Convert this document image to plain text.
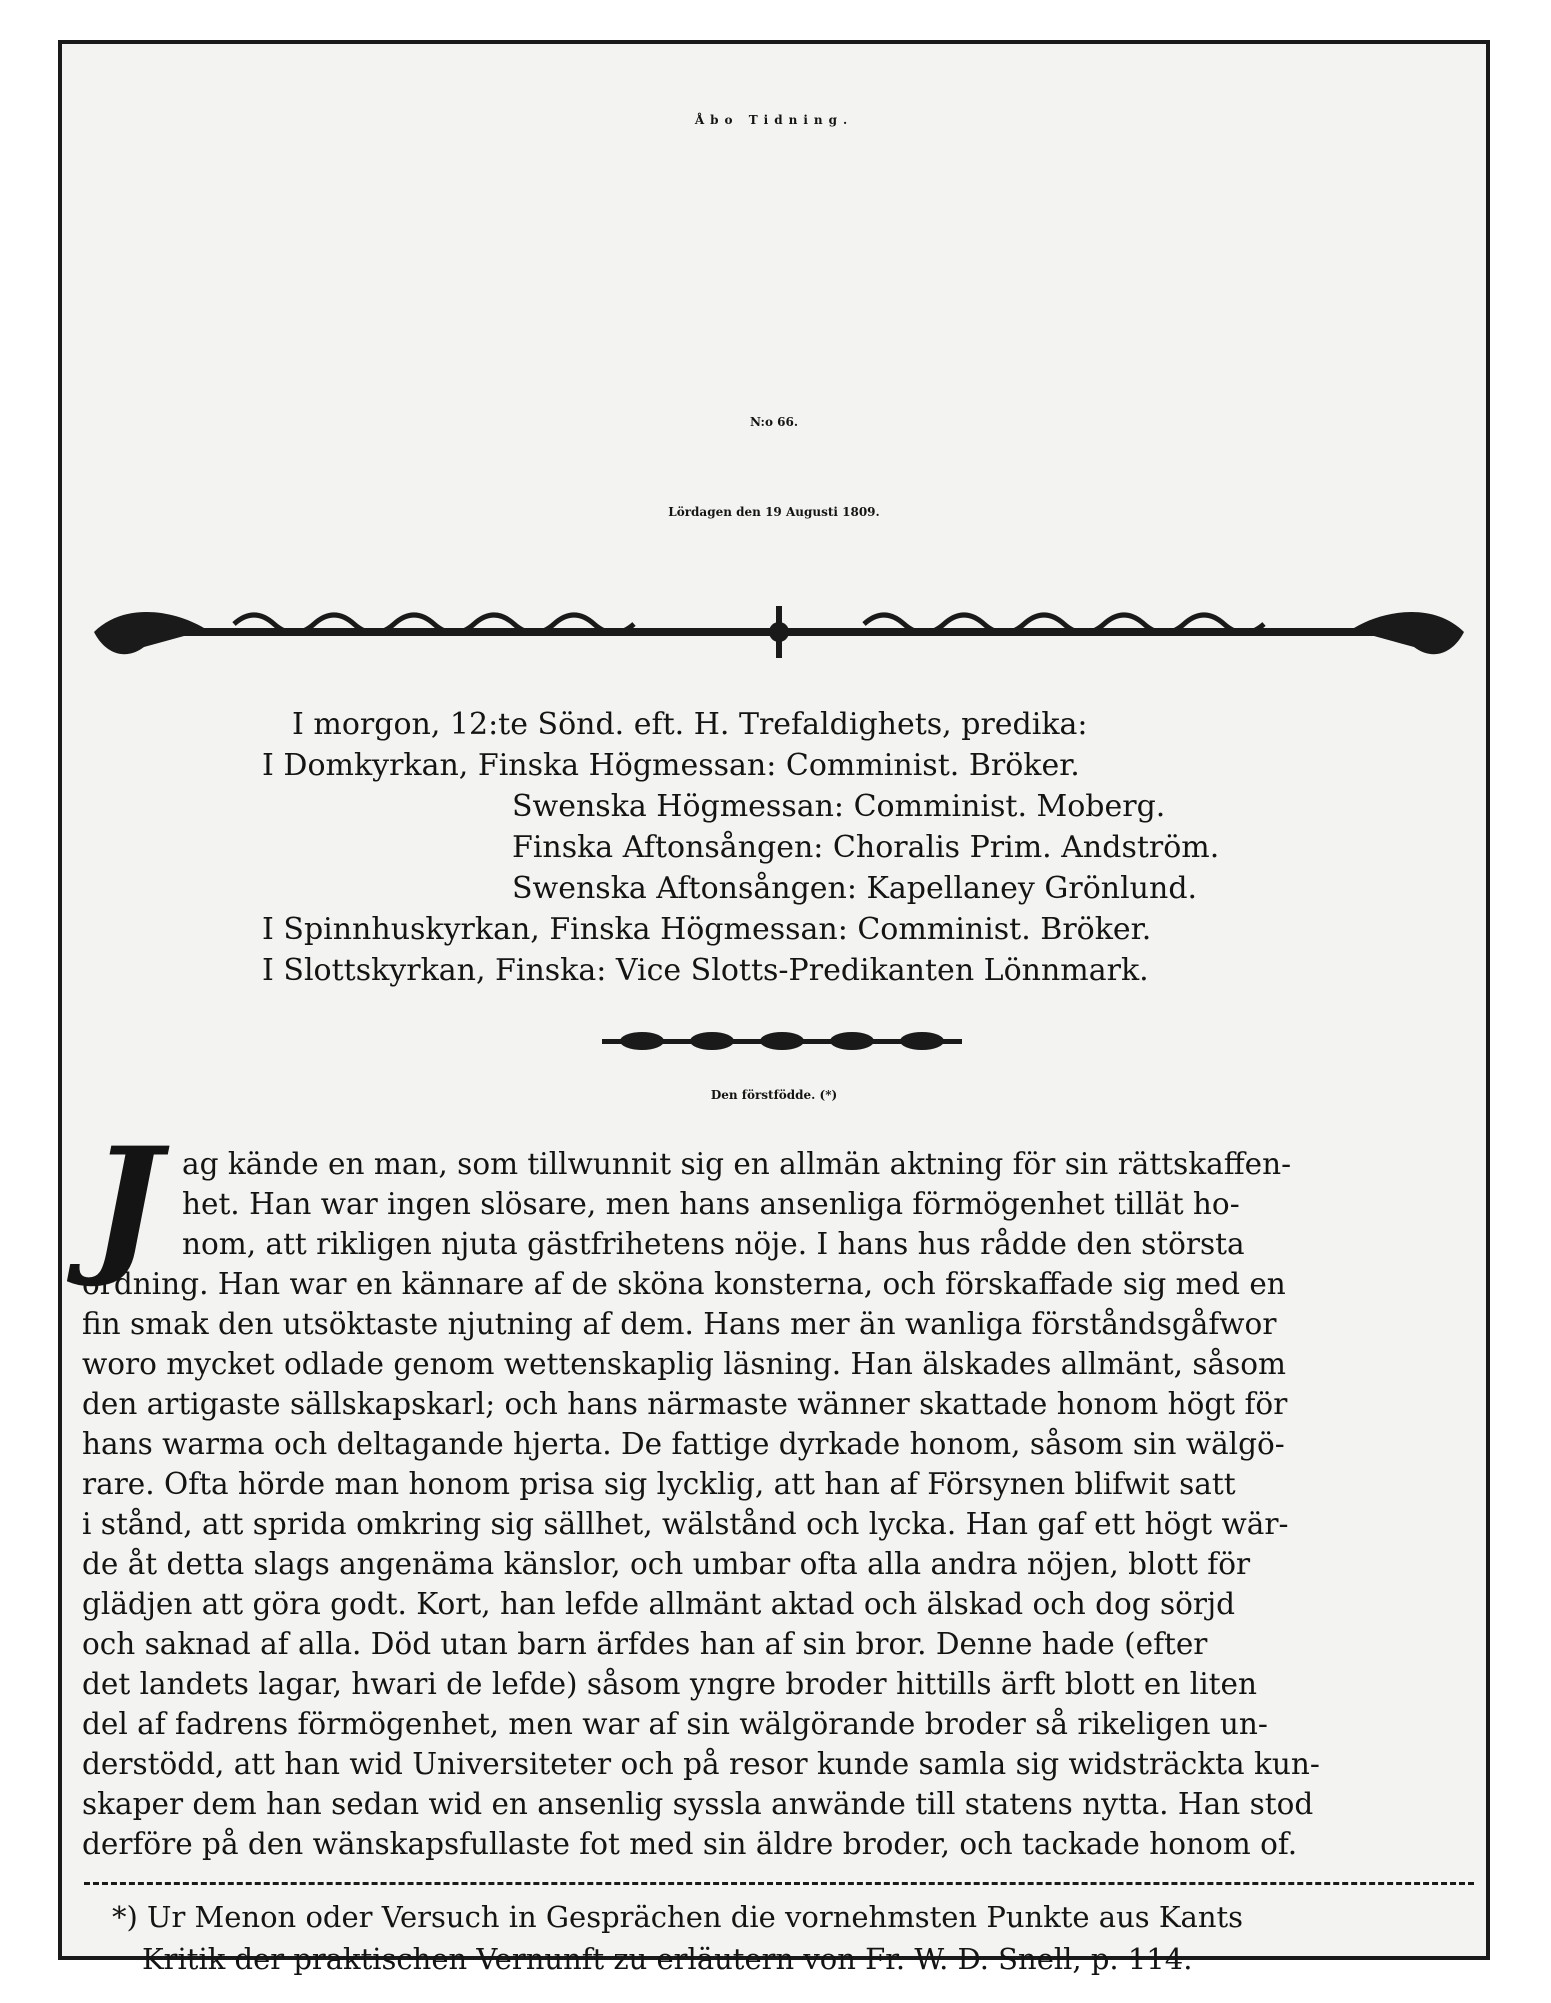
Åbo Tidning.
N:o 66.
Lördagen den 19 Augusti 1809.
I morgon, 12:te Sönd. eft. H. Trefaldighets, predika:
I Domkyrkan, Finska Högmessan: Comminist. Bröker.
Swenska Högmessan: Comminist. Moberg.
Finska Aftonsången: Choralis Prim. Andström.
Swenska Aftonsången: Kapellaney Grönlund.
I Spinnhuskyrkan, Finska Högmessan: Comminist. Bröker.
I Slottskyrkan, Finska: Vice Slotts-Predikanten Lönnmark.
Den förstfödde. (*)
J ag kände en man, som tillwunnit sig en allmän aktning för sin rättskaffen-
het. Han war ingen slösare, men hans ansenliga förmögenhet tillät ho-
nom, att rikligen njuta gästfrihetens nöje. I hans hus rådde den största
ordning. Han war en kännare af de sköna konsterna, och förskaffade sig med en
fin smak den utsöktaste njutning af dem. Hans mer än wanliga förståndsgåfwor
woro mycket odlade genom wettenskaplig läsning. Han älskades allmänt, såsom
den artigaste sällskapskarl; och hans närmaste wänner skattade honom högt för
hans warma och deltagande hjerta. De fattige dyrkade honom, såsom sin wälgö-
rare. Ofta hörde man honom prisa sig lycklig, att han af Försynen blifwit satt
i stånd, att sprida omkring sig sällhet, wälstånd och lycka. Han gaf ett högt wär-
de åt detta slags angenäma känslor, och umbar ofta alla andra nöjen, blott för
glädjen att göra godt. Kort, han lefde allmänt aktad och älskad och dog sörjd
och saknad af alla. Död utan barn ärfdes han af sin bror. Denne hade (efter
det landets lagar, hwari de lefde) såsom yngre broder hittills ärft blott en liten
del af fadrens förmögenhet, men war af sin wälgörande broder så rikeligen un-
derstödd, att han wid Universiteter och på resor kunde samla sig widsträckta kun-
skaper dem han sedan wid en ansenlig syssla anwände till statens nytta. Han stod
derföre på den wänskapsfullaste fot med sin äldre broder, och tackade honom of.
*) Ur Menon oder Versuch in Gesprächen die vornehmsten Punkte aus Kants
Kritik der praktischen Vernunft zu erläutern von Fr. W. D. Snell, p. 114.
